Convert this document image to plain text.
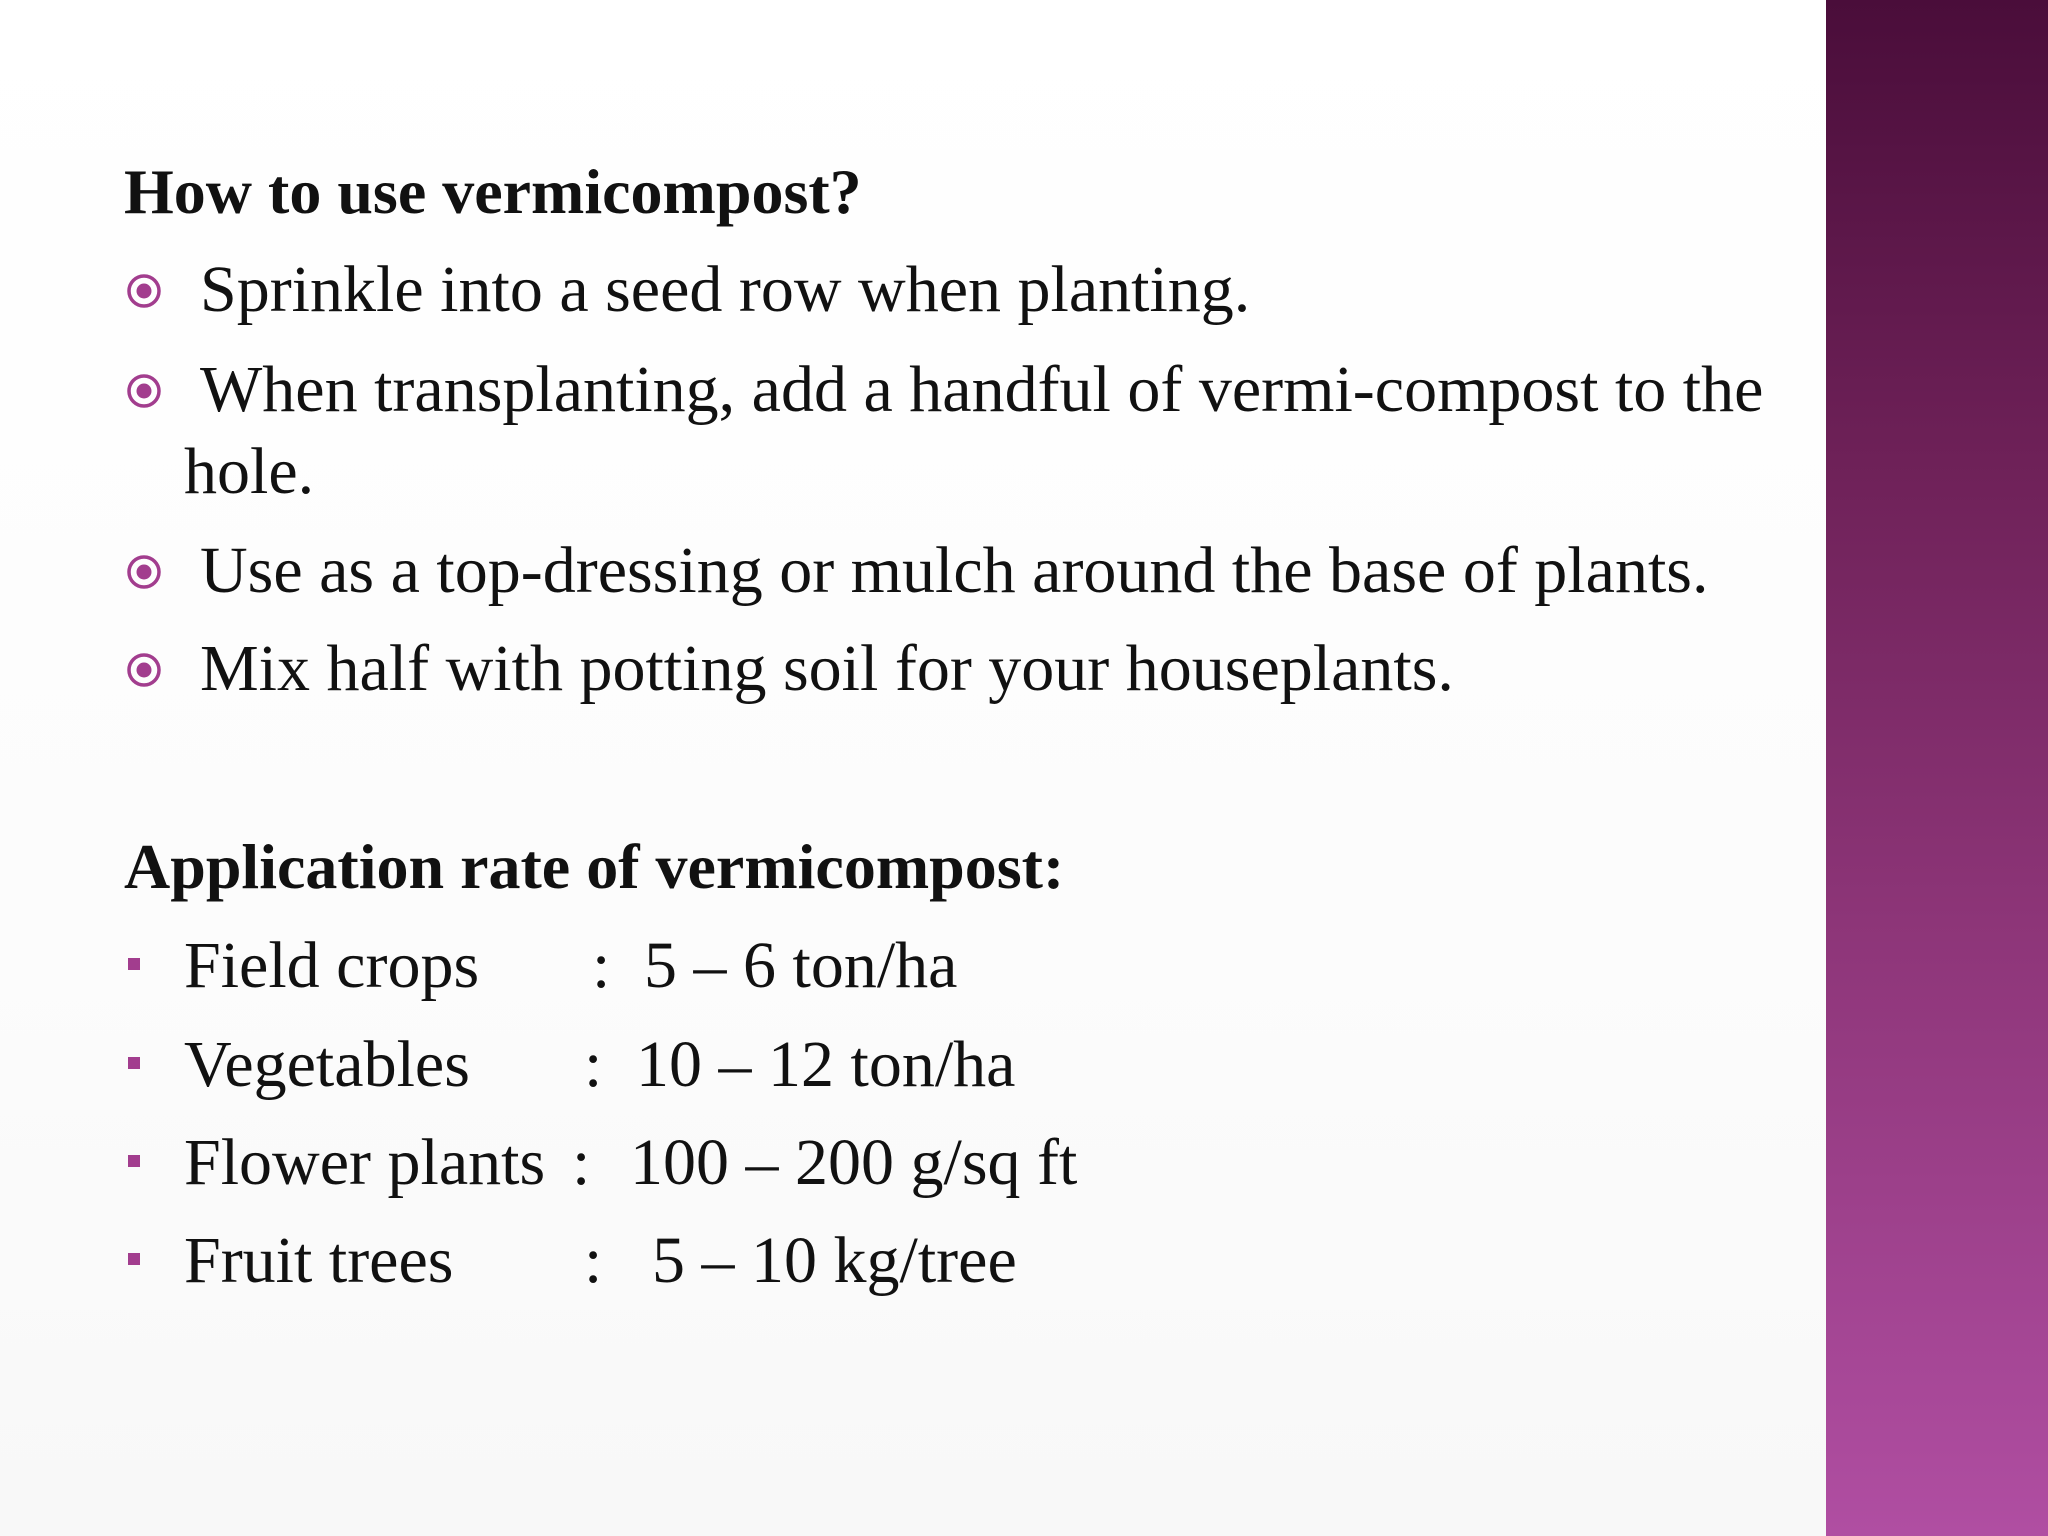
How to use vermicompost?
Sprinkle into a seed row when planting.
When transplanting, add a handful of vermi-compost to the
hole.
Use as a top-dressing or mulch around the base of plants.
Mix half with potting soil for your houseplants.
Application rate of vermicompost:
Field crops : 5 – 6 ton/ha
Vegetables : 10 – 12 ton/ha
Flower plants : 100 – 200 g/sq ft
Fruit trees : 5 – 10 kg/tree
